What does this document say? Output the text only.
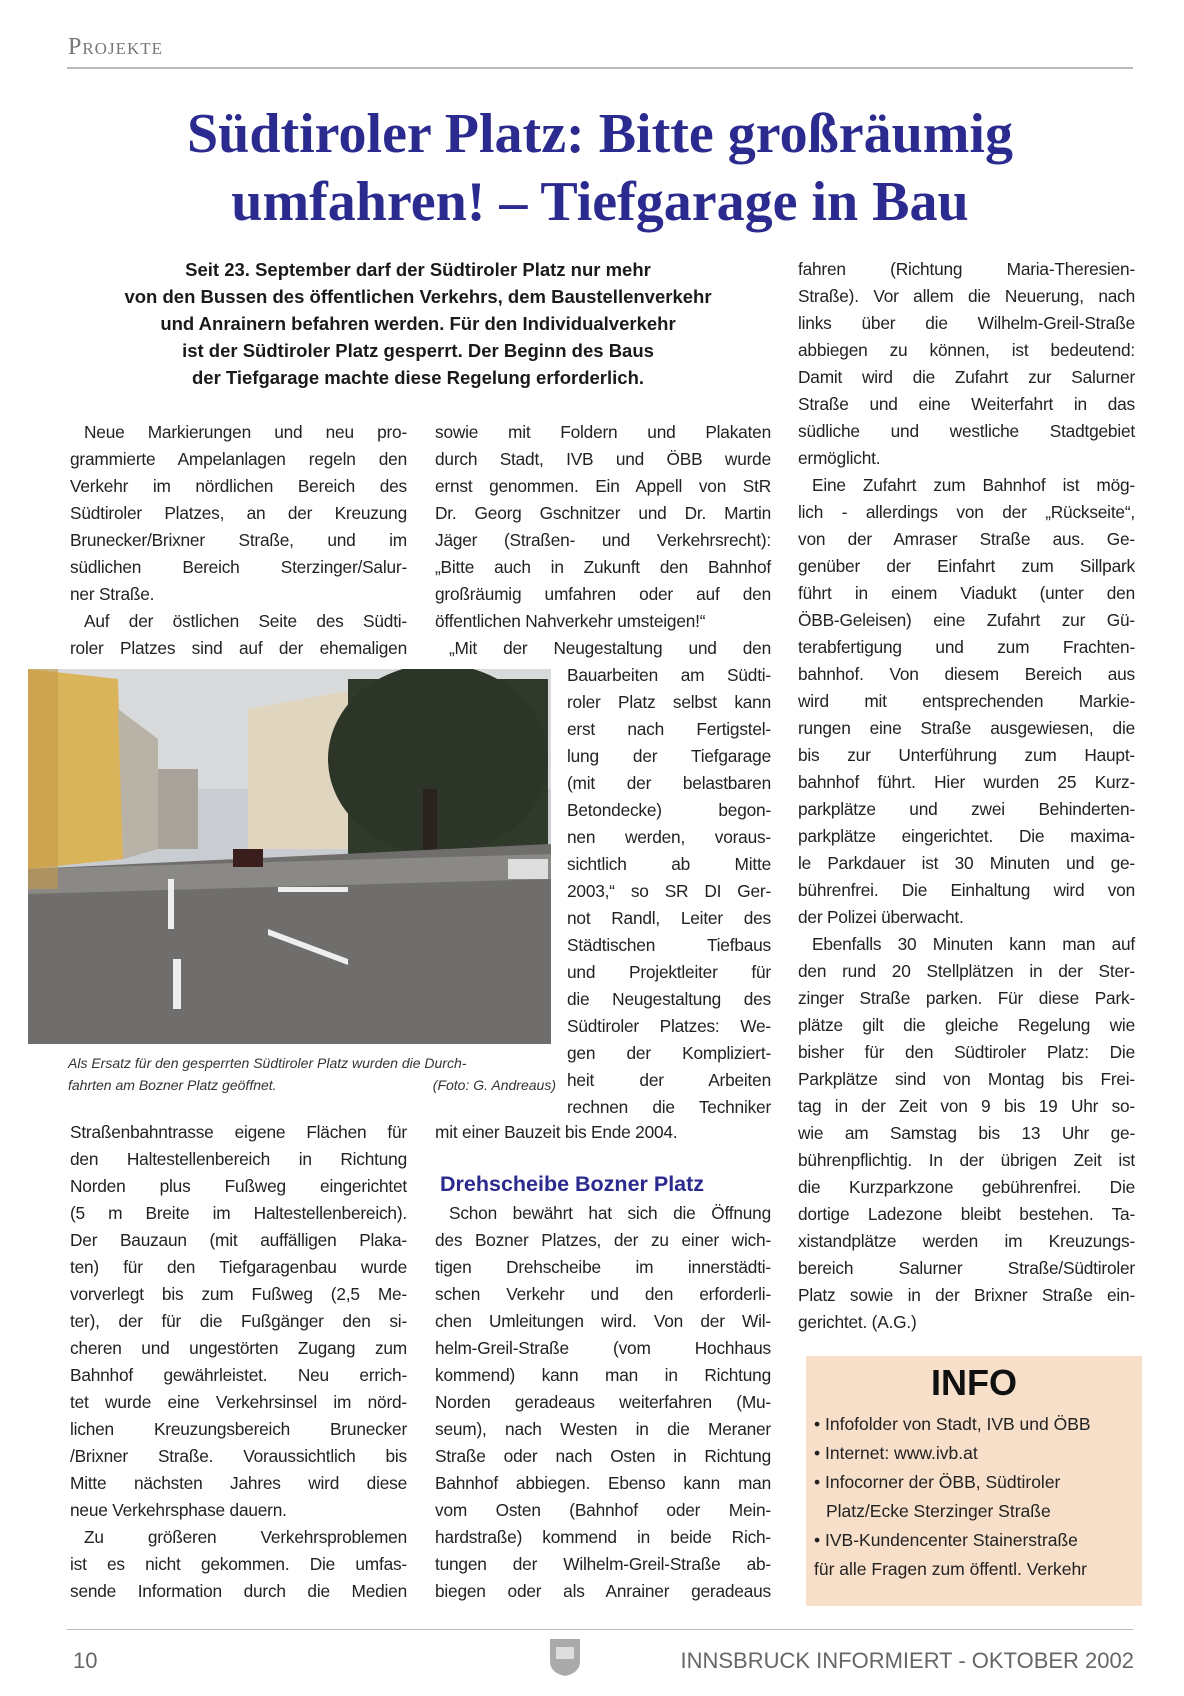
Projekte
Südtiroler Platz: Bitte großräumig
umfahren! – Tiefgarage in Bau
Seit 23. September darf der Südtiroler Platz nur mehr
von den Bussen des öffentlichen Verkehrs, dem Baustellenverkehr
und Anrainern befahren werden. Für den Individualverkehr
ist der Südtiroler Platz gesperrt. Der Beginn des Baus
der Tiefgarage machte diese Regelung erforderlich.
Neue Markierungen und neu pro-
grammierte Ampelanlagen regeln den
Verkehr im nördlichen Bereich des
Südtiroler Platzes, an der Kreuzung
Brunecker/Brixner Straße, und im
südlichen Bereich Sterzinger/Salur-
ner Straße.
Auf der östlichen Seite des Südti-
roler Platzes sind auf der ehemaligen
Straßenbahntrasse eigene Flächen für
den Haltestellenbereich in Richtung
Norden plus Fußweg eingerichtet
(5 m Breite im Haltestellenbereich).
Der Bauzaun (mit auffälligen Plaka-
ten) für den Tiefgaragenbau wurde
vorverlegt bis zum Fußweg (2,5 Me-
ter), der für die Fußgänger den si-
cheren und ungestörten Zugang zum
Bahnhof gewährleistet. Neu errich-
tet wurde eine Verkehrsinsel im nörd-
lichen Kreuzungsbereich Brunecker
/Brixner Straße. Voraussichtlich bis
Mitte nächsten Jahres wird diese
neue Verkehrsphase dauern.
Zu größeren Verkehrsproblemen
ist es nicht gekommen. Die umfas-
sende Information durch die Medien
sowie mit Foldern und Plakaten
durch Stadt, IVB und ÖBB wurde
ernst genommen. Ein Appell von StR
Dr. Georg Gschnitzer und Dr. Martin
Jäger (Straßen- und Verkehrsrecht):
„Bitte auch in Zukunft den Bahnhof
großräumig umfahren oder auf den
öffentlichen Nahverkehr umsteigen!“
„Mit der Neugestaltung und den
Bauarbeiten am Südti-
roler Platz selbst kann
erst nach Fertigstel-
lung der Tiefgarage
(mit der belastbaren
Betondecke) begon-
nen werden, voraus-
sichtlich ab Mitte
2003,“ so SR DI Ger-
not Randl, Leiter des
Städtischen Tiefbaus
und Projektleiter für
die Neugestaltung des
Südtiroler Platzes: We-
gen der Kompliziert-
heit der Arbeiten
rechnen die Techniker
mit einer Bauzeit bis Ende 2004.
Drehscheibe Bozner Platz
Schon bewährt hat sich die Öffnung
des Bozner Platzes, der zu einer wich-
tigen Drehscheibe im innerstädti-
schen Verkehr und den erforderli-
chen Umleitungen wird. Von der Wil-
helm-Greil-Straße (vom Hochhaus
kommend) kann man in Richtung
Norden geradeaus weiterfahren (Mu-
seum), nach Westen in die Meraner
Straße oder nach Osten in Richtung
Bahnhof abbiegen. Ebenso kann man
vom Osten (Bahnhof oder Mein-
hardstraße) kommend in beide Rich-
tungen der Wilhelm-Greil-Straße ab-
biegen oder als Anrainer geradeaus
fahren (Richtung Maria-Theresien-
Straße). Vor allem die Neuerung, nach
links über die Wilhelm-Greil-Straße
abbiegen zu können, ist bedeutend:
Damit wird die Zufahrt zur Salurner
Straße und eine Weiterfahrt in das
südliche und westliche Stadtgebiet
ermöglicht.
Eine Zufahrt zum Bahnhof ist mög-
lich - allerdings von der „Rückseite“,
von der Amraser Straße aus. Ge-
genüber der Einfahrt zum Sillpark
führt in einem Viadukt (unter den
ÖBB-Geleisen) eine Zufahrt zur Gü-
terabfertigung und zum Frachten-
bahnhof. Von diesem Bereich aus
wird mit entsprechenden Markie-
rungen eine Straße ausgewiesen, die
bis zur Unterführung zum Haupt-
bahnhof führt. Hier wurden 25 Kurz-
parkplätze und zwei Behinderten-
parkplätze eingerichtet. Die maxima-
le Parkdauer ist 30 Minuten und ge-
bührenfrei. Die Einhaltung wird von
der Polizei überwacht.
Ebenfalls 30 Minuten kann man auf
den rund 20 Stellplätzen in der Ster-
zinger Straße parken. Für diese Park-
plätze gilt die gleiche Regelung wie
bisher für den Südtiroler Platz: Die
Parkplätze sind von Montag bis Frei-
tag in der Zeit von 9 bis 19 Uhr so-
wie am Samstag bis 13 Uhr ge-
bührenpflichtig. In der übrigen Zeit ist
die Kurzparkzone gebührenfrei. Die
dortige Ladezone bleibt bestehen. Ta-
xistandplätze werden im Kreuzungs-
bereich Salurner Straße/Südtiroler
Platz sowie in der Brixner Straße ein-
gerichtet. (A.G.)
Als Ersatz für den gesperrten Südtiroler Platz wurden die Durch-
fahrten am Bozner Platz geöffnet.	(Foto: G. Andreaus)
INFO
• Infofolder von Stadt, IVB und ÖBB
• Internet: www.ivb.at
• Infocorner der ÖBB, Südtiroler
Platz/Ecke Sterzinger Straße
• IVB-Kundencenter Stainerstraße
für alle Fragen zum öffentl. Verkehr
10	INNSBRUCK INFORMIERT - OKTOBER 2002
